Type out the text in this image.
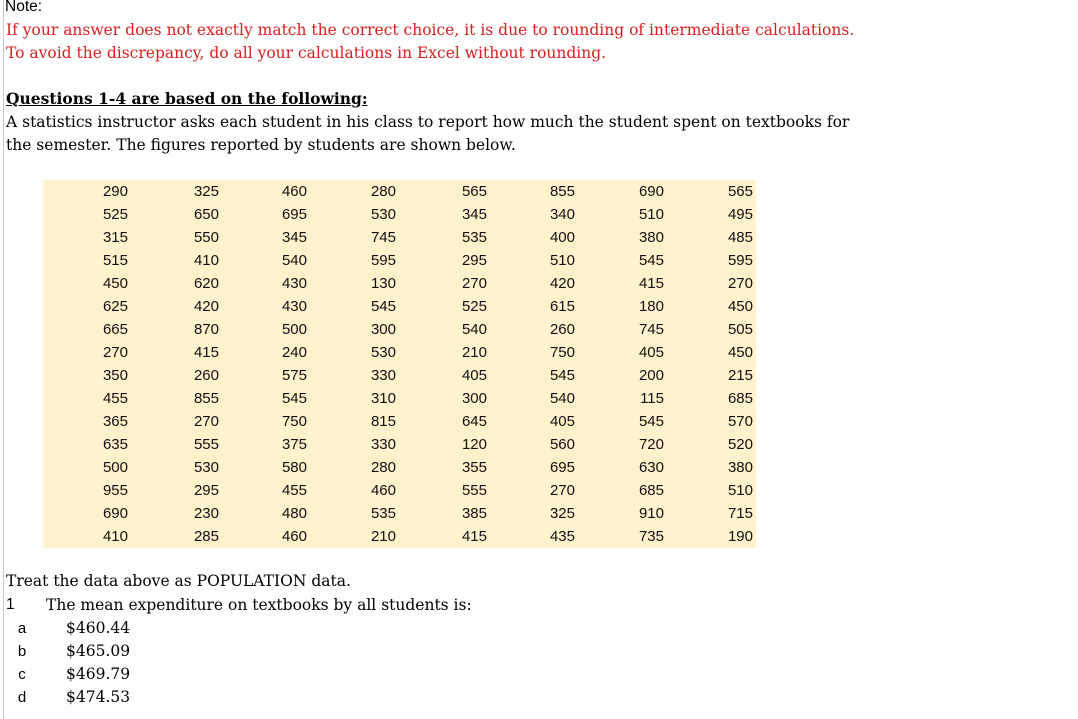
Note:
If your answer does not exactly match the correct choice, it is due to rounding of intermediate calculations.
To avoid the discrepancy, do all your calculations in Excel without rounding.
Questions 1-4 are based on the following:
A statistics instructor asks each student in his class to report how much the student spent on textbooks for
the semester. The figures reported by students are shown below.
290	325	460	280	565	855	690	565
525	650	695	530	345	340	510	495
315	550	345	745	535	400	380	485
515	410	540	595	295	510	545	595
450	620	430	130	270	420	415	270
625	420	430	545	525	615	180	450
665	870	500	300	540	260	745	505
270	415	240	530	210	750	405	450
350	260	575	330	405	545	200	215
455	855	545	310	300	540	115	685
365	270	750	815	645	405	545	570
635	555	375	330	120	560	720	520
500	530	580	280	355	695	630	380
955	295	455	460	555	270	685	510
690	230	480	535	385	325	910	715
410	285	460	210	415	435	735	190
Treat the data above as POPULATION data.
1 The mean expenditure on textbooks by all students is:
a	$460.44
b	$465.09
c	$469.79
d	$474.53
